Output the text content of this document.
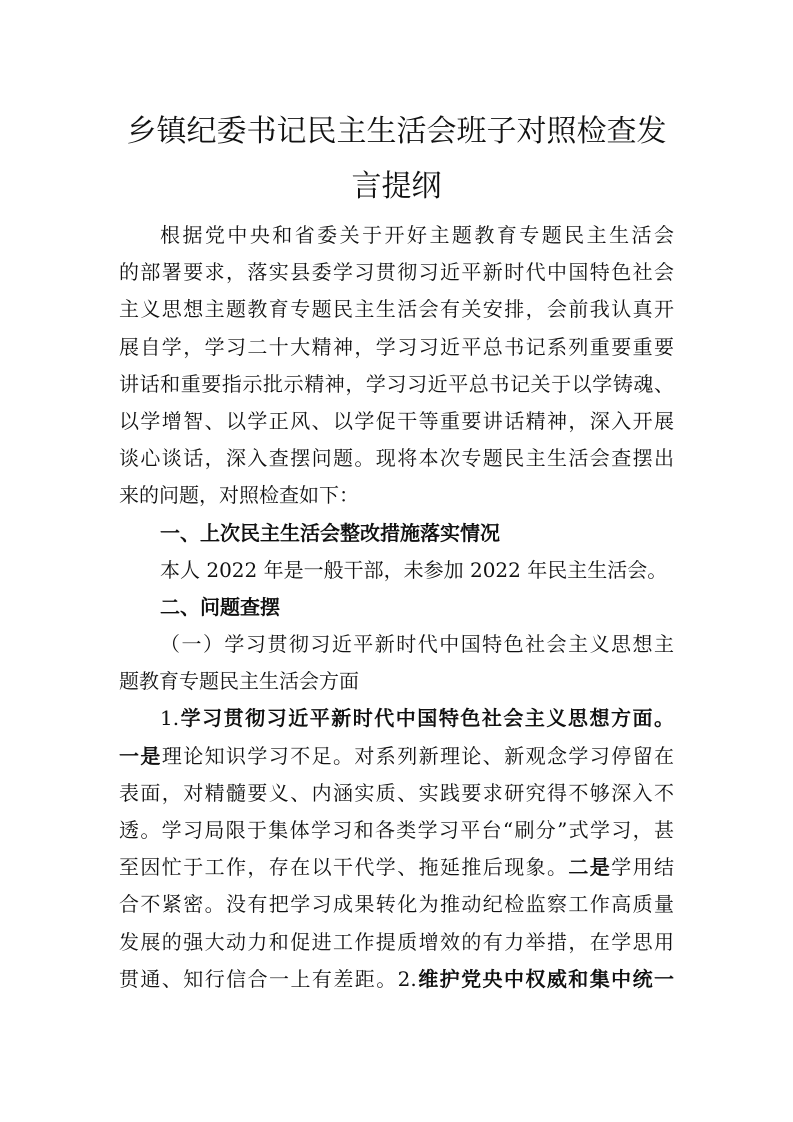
乡镇纪委书记民主生活会班子对照检查发
言提纲
根据党中央和省委关于开好主题教育专题民主生活会
的部署要求，落实县委学习贯彻习近平新时代中国特色社会
主义思想主题教育专题民主生活会有关安排，会前我认真开
展自学，学习二十大精神，学习习近平总书记系列重要重要
讲话和重要指示批示精神，学习习近平总书记关于以学铸魂、
以学增智、以学正风、以学促干等重要讲话精神，深入开展
谈心谈话，深入查摆问题。现将本次专题民主生活会查摆出
来的问题，对照检查如下：
一、上次民主生活会整改措施落实情况
本人 2022 年是一般干部，未参加 2022 年民主生活会。
二、问题查摆
（一）学习贯彻习近平新时代中国特色社会主义思想主
题教育专题民主生活会方面
1.学习贯彻习近平新时代中国特色社会主义思想方面。
一是理论知识学习不足。对系列新理论、新观念学习停留在
表面，对精髓要义、内涵实质、实践要求研究得不够深入不
透。学习局限于集体学习和各类学习平台“刷分”式学习，甚
至因忙于工作，存在以干代学、拖延推后现象。二是学用结
合不紧密。没有把学习成果转化为推动纪检监察工作高质量
发展的强大动力和促进工作提质增效的有力举措，在学思用
贯通、知行信合一上有差距。2.维护党央中权威和集中统一
